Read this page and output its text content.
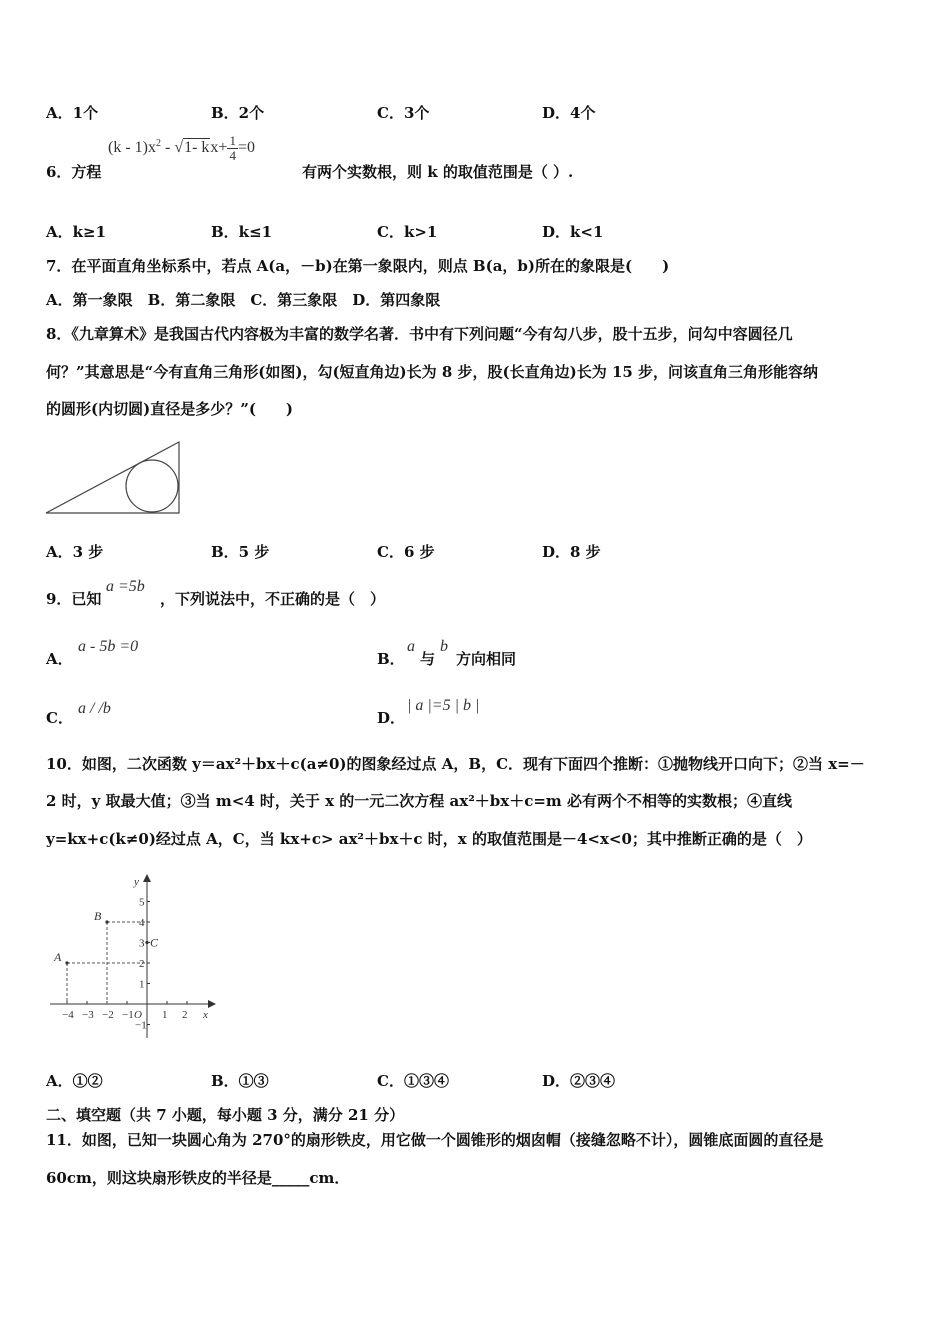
A．1个	B．2个	C．3个	D．4个
6．方程
$(k - 1)x^2 - √1-$ $kx+ \frac{1}{4} =0$
有两个实数根，则 k 的取值范围是（ ）.
A．k≥1	B．k≤1	C．k>1	D．k<1
7．在平面直角坐标系中，若点 A(a，－b)在第一象限内，则点 B(a，b)所在的象限是(　　)
A．第一象限　B．第二象限　C．第三象限　D．第四象限
8．《九章算术》是我国古代内容极为丰富的数学名著．书中有下列问题“今有勾八步，股十五步，问勾中容圆径几
何？”其意思是“今有直角三角形(如图)，勾(短直角边)长为 8 步，股(长直角边)长为 15 步，问该直角三角形能容纳
的圆形(内切圆)直径是多少？”(　　)
A．3 步	B．5 步	C．6 步	D．8 步
9．已知
a =5b
，下列说法中，不正确的是（　）
A．
a - 5b =0
B．
a
与
b
方向相同
C．
a / /b
D．
| a |=5 | b |
10．如图，二次函数 y＝ax²＋bx＋c(a≠0)的图象经过点 A，B，C．现有下面四个推断：①抛物线开口向下；②当 x=－
2 时，y 取最大值；③当 m<4 时，关于 x 的一元二次方程 ax²＋bx＋c=m 必有两个不相等的实数根；④直线
y=kx+c(k≠0)经过点 A，C，当 kx+c> ax²＋bx＋c 时，x 的取值范围是－4<x<0；其中推断正确的是（　）
−4 −3 −2 −1	1 2
5
4
3
2
1
−1
A
B
C
x
y
O
A．①②	B．①③	C．①③④	D．②③④
二、填空题（共 7 小题，每小题 3 分，满分 21 分）
11．如图，已知一块圆心角为 270°的扇形铁皮，用它做一个圆锥形的烟囱帽（接缝忽略不计），圆锥底面圆的直径是
60cm，则这块扇形铁皮的半径是_____cm．
